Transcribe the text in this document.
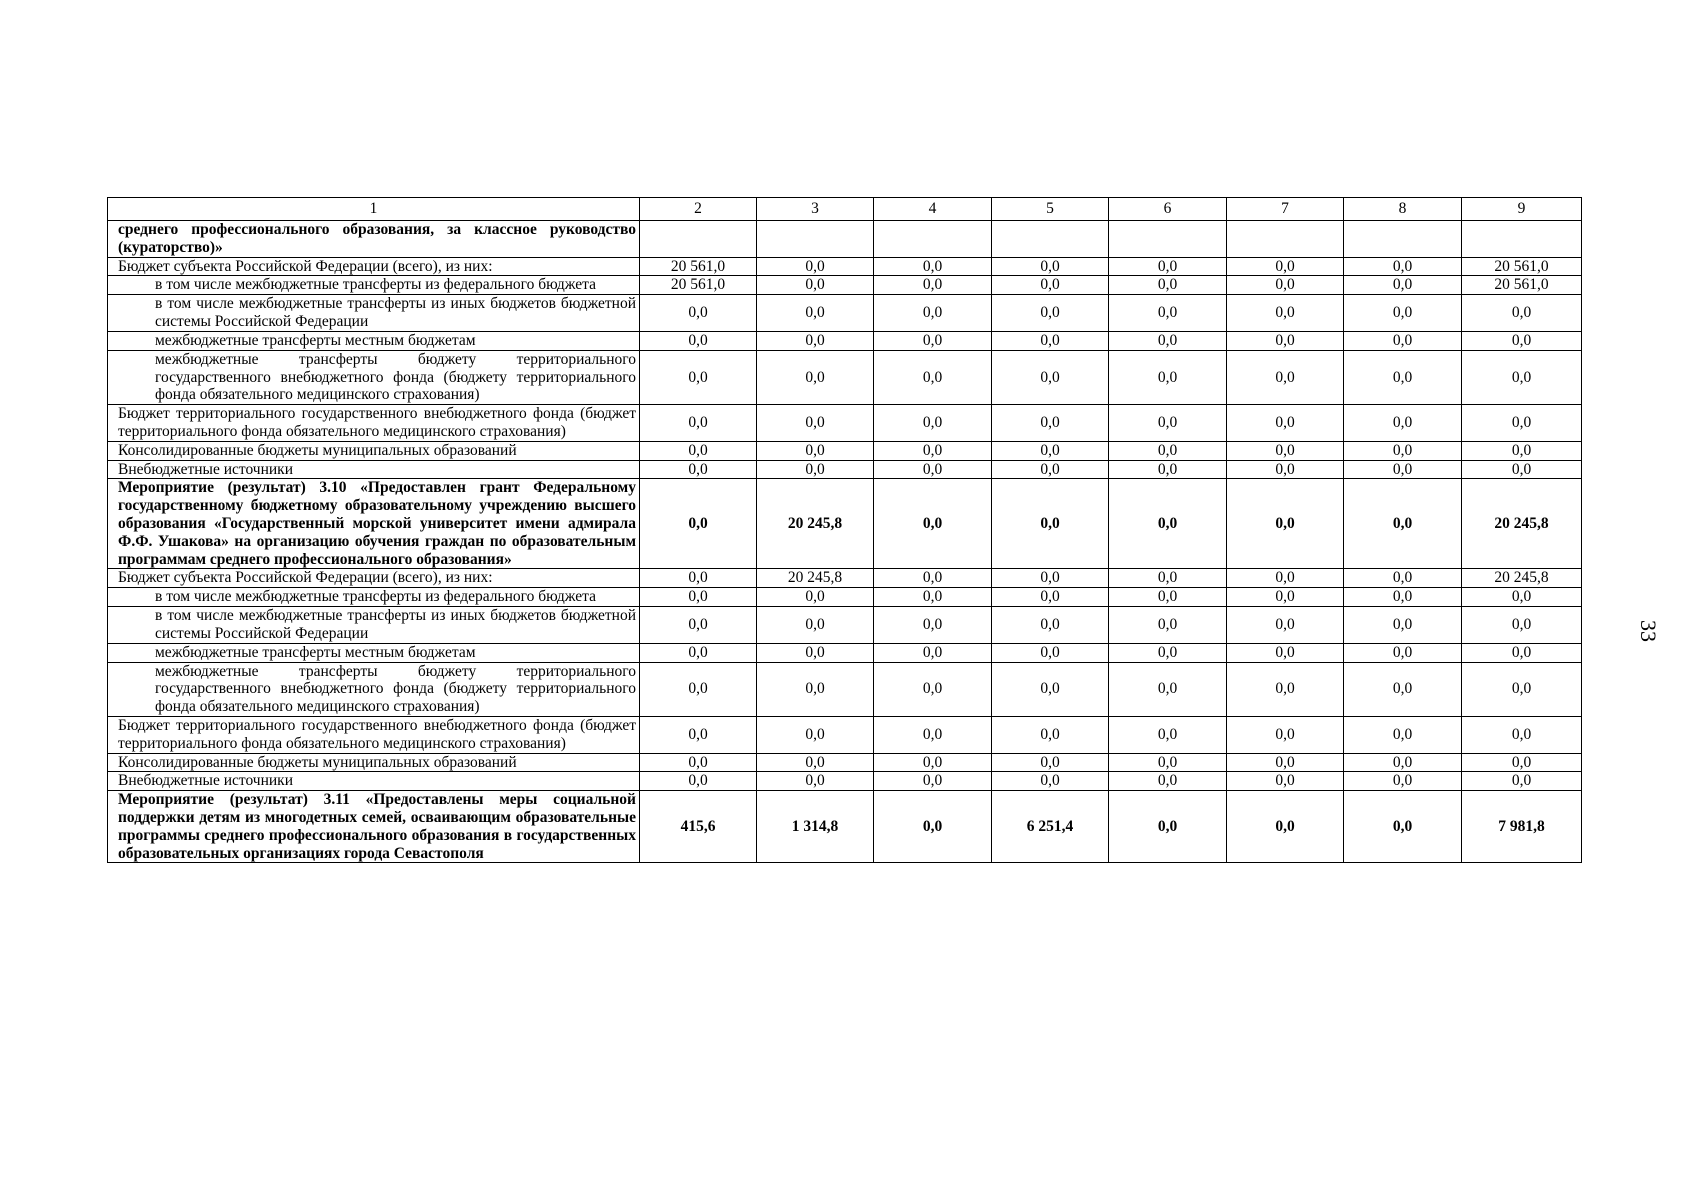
33
1	2	3	4	5	6	7	8	9
среднего профессионального образования, за классное руководство (кураторство)»								
Бюджет субъекта Российской Федерации (всего), из них:	20 561,0	0,0	0,0	0,0	0,0	0,0	0,0	20 561,0
в том числе межбюджетные трансферты из федерального бюджета	20 561,0	0,0	0,0	0,0	0,0	0,0	0,0	20 561,0
в том числе межбюджетные трансферты из иных бюджетов бюджетной системы Российской Федерации	0,0	0,0	0,0	0,0	0,0	0,0	0,0	0,0
межбюджетные трансферты местным бюджетам	0,0	0,0	0,0	0,0	0,0	0,0	0,0	0,0
межбюджетные трансферты бюджету территориального государственного внебюджетного фонда (бюджету территориального фонда обязательного медицинского страхования)	0,0	0,0	0,0	0,0	0,0	0,0	0,0	0,0
Бюджет территориального государственного внебюджетного фонда (бюджет территориального фонда обязательного медицинского страхования)	0,0	0,0	0,0	0,0	0,0	0,0	0,0	0,0
Консолидированные бюджеты муниципальных образований	0,0	0,0	0,0	0,0	0,0	0,0	0,0	0,0
Внебюджетные источники	0,0	0,0	0,0	0,0	0,0	0,0	0,0	0,0
Мероприятие (результат) 3.10 «Предоставлен грант Федеральному государственному бюджетному образовательному учреждению высшего образования «Государственный морской университет имени адмирала Ф.Ф. Ушакова» на организацию обучения граждан по образовательным программам среднего профессионального образования»	0,0	20 245,8	0,0	0,0	0,0	0,0	0,0	20 245,8
Бюджет субъекта Российской Федерации (всего), из них:	0,0	20 245,8	0,0	0,0	0,0	0,0	0,0	20 245,8
в том числе межбюджетные трансферты из федерального бюджета	0,0	0,0	0,0	0,0	0,0	0,0	0,0	0,0
в том числе межбюджетные трансферты из иных бюджетов бюджетной системы Российской Федерации	0,0	0,0	0,0	0,0	0,0	0,0	0,0	0,0
межбюджетные трансферты местным бюджетам	0,0	0,0	0,0	0,0	0,0	0,0	0,0	0,0
межбюджетные трансферты бюджету территориального государственного внебюджетного фонда (бюджету территориального фонда обязательного медицинского страхования)	0,0	0,0	0,0	0,0	0,0	0,0	0,0	0,0
Бюджет территориального государственного внебюджетного фонда (бюджет территориального фонда обязательного медицинского страхования)	0,0	0,0	0,0	0,0	0,0	0,0	0,0	0,0
Консолидированные бюджеты муниципальных образований	0,0	0,0	0,0	0,0	0,0	0,0	0,0	0,0
Внебюджетные источники	0,0	0,0	0,0	0,0	0,0	0,0	0,0	0,0
Мероприятие (результат) 3.11 «Предоставлены меры социальной поддержки детям из многодетных семей, осваивающим образовательные программы среднего профессионального образования в государственных образовательных организациях города Севастополя	415,6	1 314,8	0,0	6 251,4	0,0	0,0	0,0	7 981,8
